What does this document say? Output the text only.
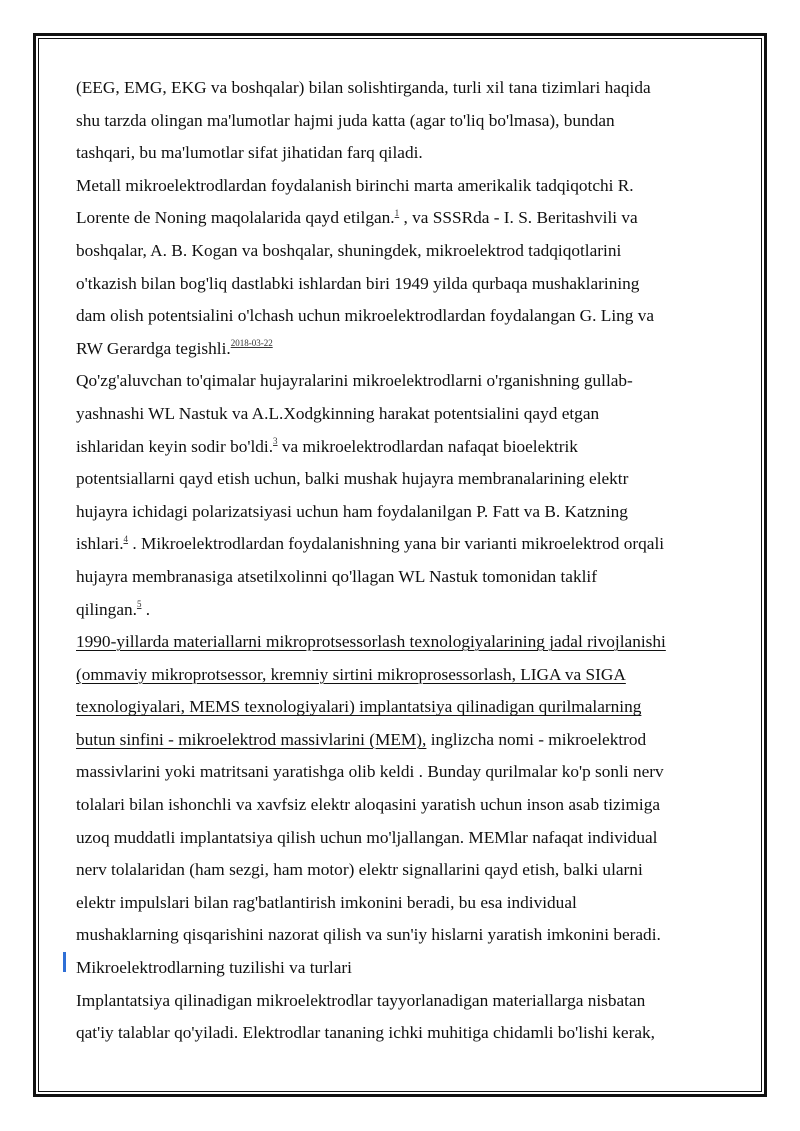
(EEG, EMG, EKG va boshqalar) bilan solishtirganda, turli xil tana tizimlari haqida
shu tarzda olingan ma'lumotlar hajmi juda katta (agar to'liq bo'lmasa), bundan
tashqari, bu ma'lumotlar sifat jihatidan farq qiladi.
Metall mikroelektrodlardan foydalanish birinchi marta amerikalik tadqiqotchi R.
Lorente de Noning maqolalarida qayd etilgan.$^1$ , va SSSRda - I. S. Beritashvili va
boshqalar, A. B. Kogan va boshqalar, shuningdek, mikroelektrod tadqiqotlarini
o'tkazish bilan bog'liq dastlabki ishlardan biri 1949 yilda qurbaqa mushaklarining
dam olish potentsialini o'lchash uchun mikroelektrodlardan foydalangan G. Ling va
RW Gerardga tegishli.$^{2018-03-22}$
Qo'zg'aluvchan to'qimalar hujayralarini mikroelektrodlarni o'rganishning gullab-
yashnashi WL Nastuk va A.L.Xodgkinning harakat potentsialini qayd etgan
ishlaridan keyin sodir bo'ldi.$^3$ va mikroelektrodlardan nafaqat bioelektrik
potentsiallarni qayd etish uchun, balki mushak hujayra membranalarining elektr
hujayra ichidagi polarizatsiyasi uchun ham foydalanilgan P. Fatt va B. Katzning
ishlari.$^4$ . Mikroelektrodlardan foydalanishning yana bir varianti mikroelektrod orqali
hujayra membranasiga atsetilxolinni qo'llagan WL Nastuk tomonidan taklif
qilingan.$^5$ .
1990-yillarda materiallarni mikroprotsessorlash texnologiyalarining jadal rivojlanishi
(ommaviy mikroprotsessor, kremniy sirtini mikroprosessorlash, LIGA va SIGA
texnologiyalari, MEMS texnologiyalari) implantatsiya qilinadigan qurilmalarning
butun sinfini - mikroelektrod massivlarini (MEM), inglizcha nomi - mikroelektrod
massivlarini yoki matritsani yaratishga olib keldi . Bunday qurilmalar ko'p sonli nerv
tolalari bilan ishonchli va xavfsiz elektr aloqasini yaratish uchun inson asab tizimiga
uzoq muddatli implantatsiya qilish uchun mo'ljallangan. MEMlar nafaqat individual
nerv tolalaridan (ham sezgi, ham motor) elektr signallarini qayd etish, balki ularni
elektr impulslari bilan rag'batlantirish imkonini beradi, bu esa individual
mushaklarning qisqarishini nazorat qilish va sun'iy hislarni yaratish imkonini beradi.
Mikroelektrodlarning tuzilishi va turlari
Implantatsiya qilinadigan mikroelektrodlar tayyorlanadigan materiallarga nisbatan
qat'iy talablar qo'yiladi. Elektrodlar tananing ichki muhitiga chidamli bo'lishi kerak,
